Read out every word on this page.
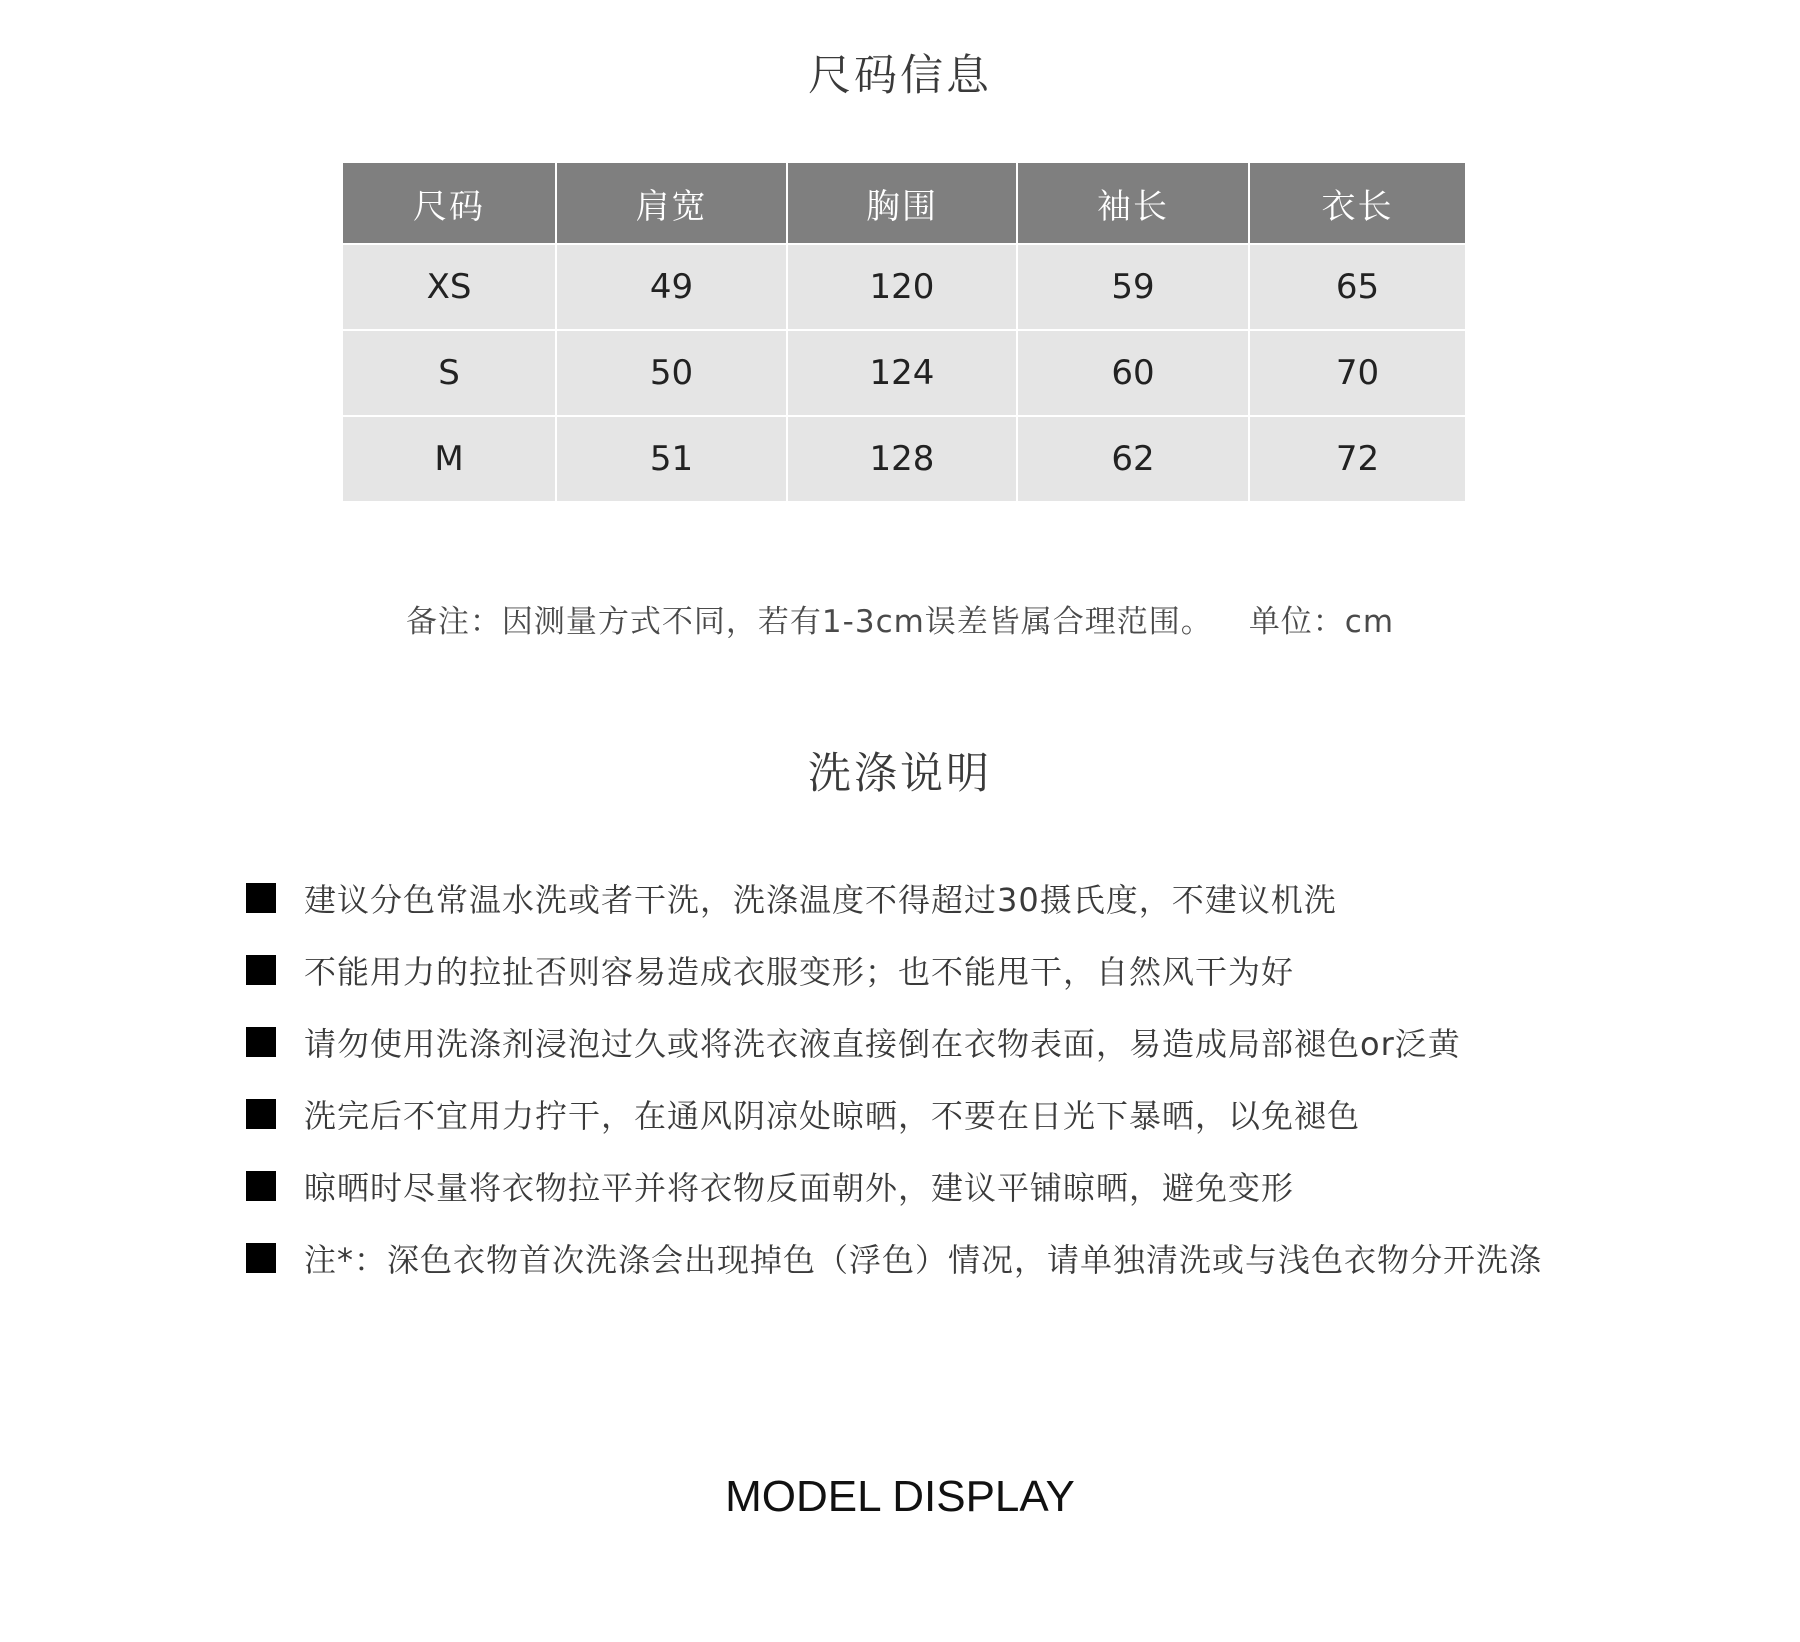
尺码信息
尺码	肩宽	胸围	袖长	衣长
XS	49	120	59	65
S	50	124	60	70
M	51	128	62	72
备注：因测量方式不同，若有1-3cm误差皆属合理范围。 单位：cm
洗涤说明
建议分色常温水洗或者干洗，洗涤温度不得超过30摄氏度，不建议机洗
不能用力的拉扯否则容易造成衣服变形；也不能甩干，自然风干为好
请勿使用洗涤剂浸泡过久或将洗衣液直接倒在衣物表面，易造成局部褪色or泛黄
洗完后不宜用力拧干，在通风阴凉处晾晒，不要在日光下暴晒，以免褪色
晾晒时尽量将衣物拉平并将衣物反面朝外，建议平铺晾晒，避免变形
注*：深色衣物首次洗涤会出现掉色（浮色）情况，请单独清洗或与浅色衣物分开洗涤
MODEL DISPLAY
